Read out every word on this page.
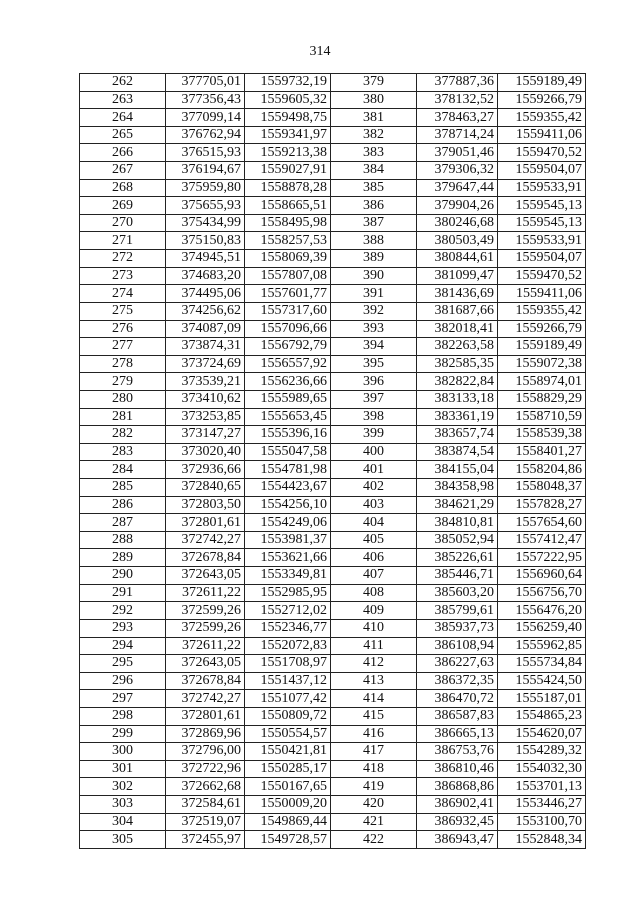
314
262	377705,01	1559732,19	379	377887,36	1559189,49
263	377356,43	1559605,32	380	378132,52	1559266,79
264	377099,14	1559498,75	381	378463,27	1559355,42
265	376762,94	1559341,97	382	378714,24	1559411,06
266	376515,93	1559213,38	383	379051,46	1559470,52
267	376194,67	1559027,91	384	379306,32	1559504,07
268	375959,80	1558878,28	385	379647,44	1559533,91
269	375655,93	1558665,51	386	379904,26	1559545,13
270	375434,99	1558495,98	387	380246,68	1559545,13
271	375150,83	1558257,53	388	380503,49	1559533,91
272	374945,51	1558069,39	389	380844,61	1559504,07
273	374683,20	1557807,08	390	381099,47	1559470,52
274	374495,06	1557601,77	391	381436,69	1559411,06
275	374256,62	1557317,60	392	381687,66	1559355,42
276	374087,09	1557096,66	393	382018,41	1559266,79
277	373874,31	1556792,79	394	382263,58	1559189,49
278	373724,69	1556557,92	395	382585,35	1559072,38
279	373539,21	1556236,66	396	382822,84	1558974,01
280	373410,62	1555989,65	397	383133,18	1558829,29
281	373253,85	1555653,45	398	383361,19	1558710,59
282	373147,27	1555396,16	399	383657,74	1558539,38
283	373020,40	1555047,58	400	383874,54	1558401,27
284	372936,66	1554781,98	401	384155,04	1558204,86
285	372840,65	1554423,67	402	384358,98	1558048,37
286	372803,50	1554256,10	403	384621,29	1557828,27
287	372801,61	1554249,06	404	384810,81	1557654,60
288	372742,27	1553981,37	405	385052,94	1557412,47
289	372678,84	1553621,66	406	385226,61	1557222,95
290	372643,05	1553349,81	407	385446,71	1556960,64
291	372611,22	1552985,95	408	385603,20	1556756,70
292	372599,26	1552712,02	409	385799,61	1556476,20
293	372599,26	1552346,77	410	385937,73	1556259,40
294	372611,22	1552072,83	411	386108,94	1555962,85
295	372643,05	1551708,97	412	386227,63	1555734,84
296	372678,84	1551437,12	413	386372,35	1555424,50
297	372742,27	1551077,42	414	386470,72	1555187,01
298	372801,61	1550809,72	415	386587,83	1554865,23
299	372869,96	1550554,57	416	386665,13	1554620,07
300	372796,00	1550421,81	417	386753,76	1554289,32
301	372722,96	1550285,17	418	386810,46	1554032,30
302	372662,68	1550167,65	419	386868,86	1553701,13
303	372584,61	1550009,20	420	386902,41	1553446,27
304	372519,07	1549869,44	421	386932,45	1553100,70
305	372455,97	1549728,57	422	386943,47	1552848,34
